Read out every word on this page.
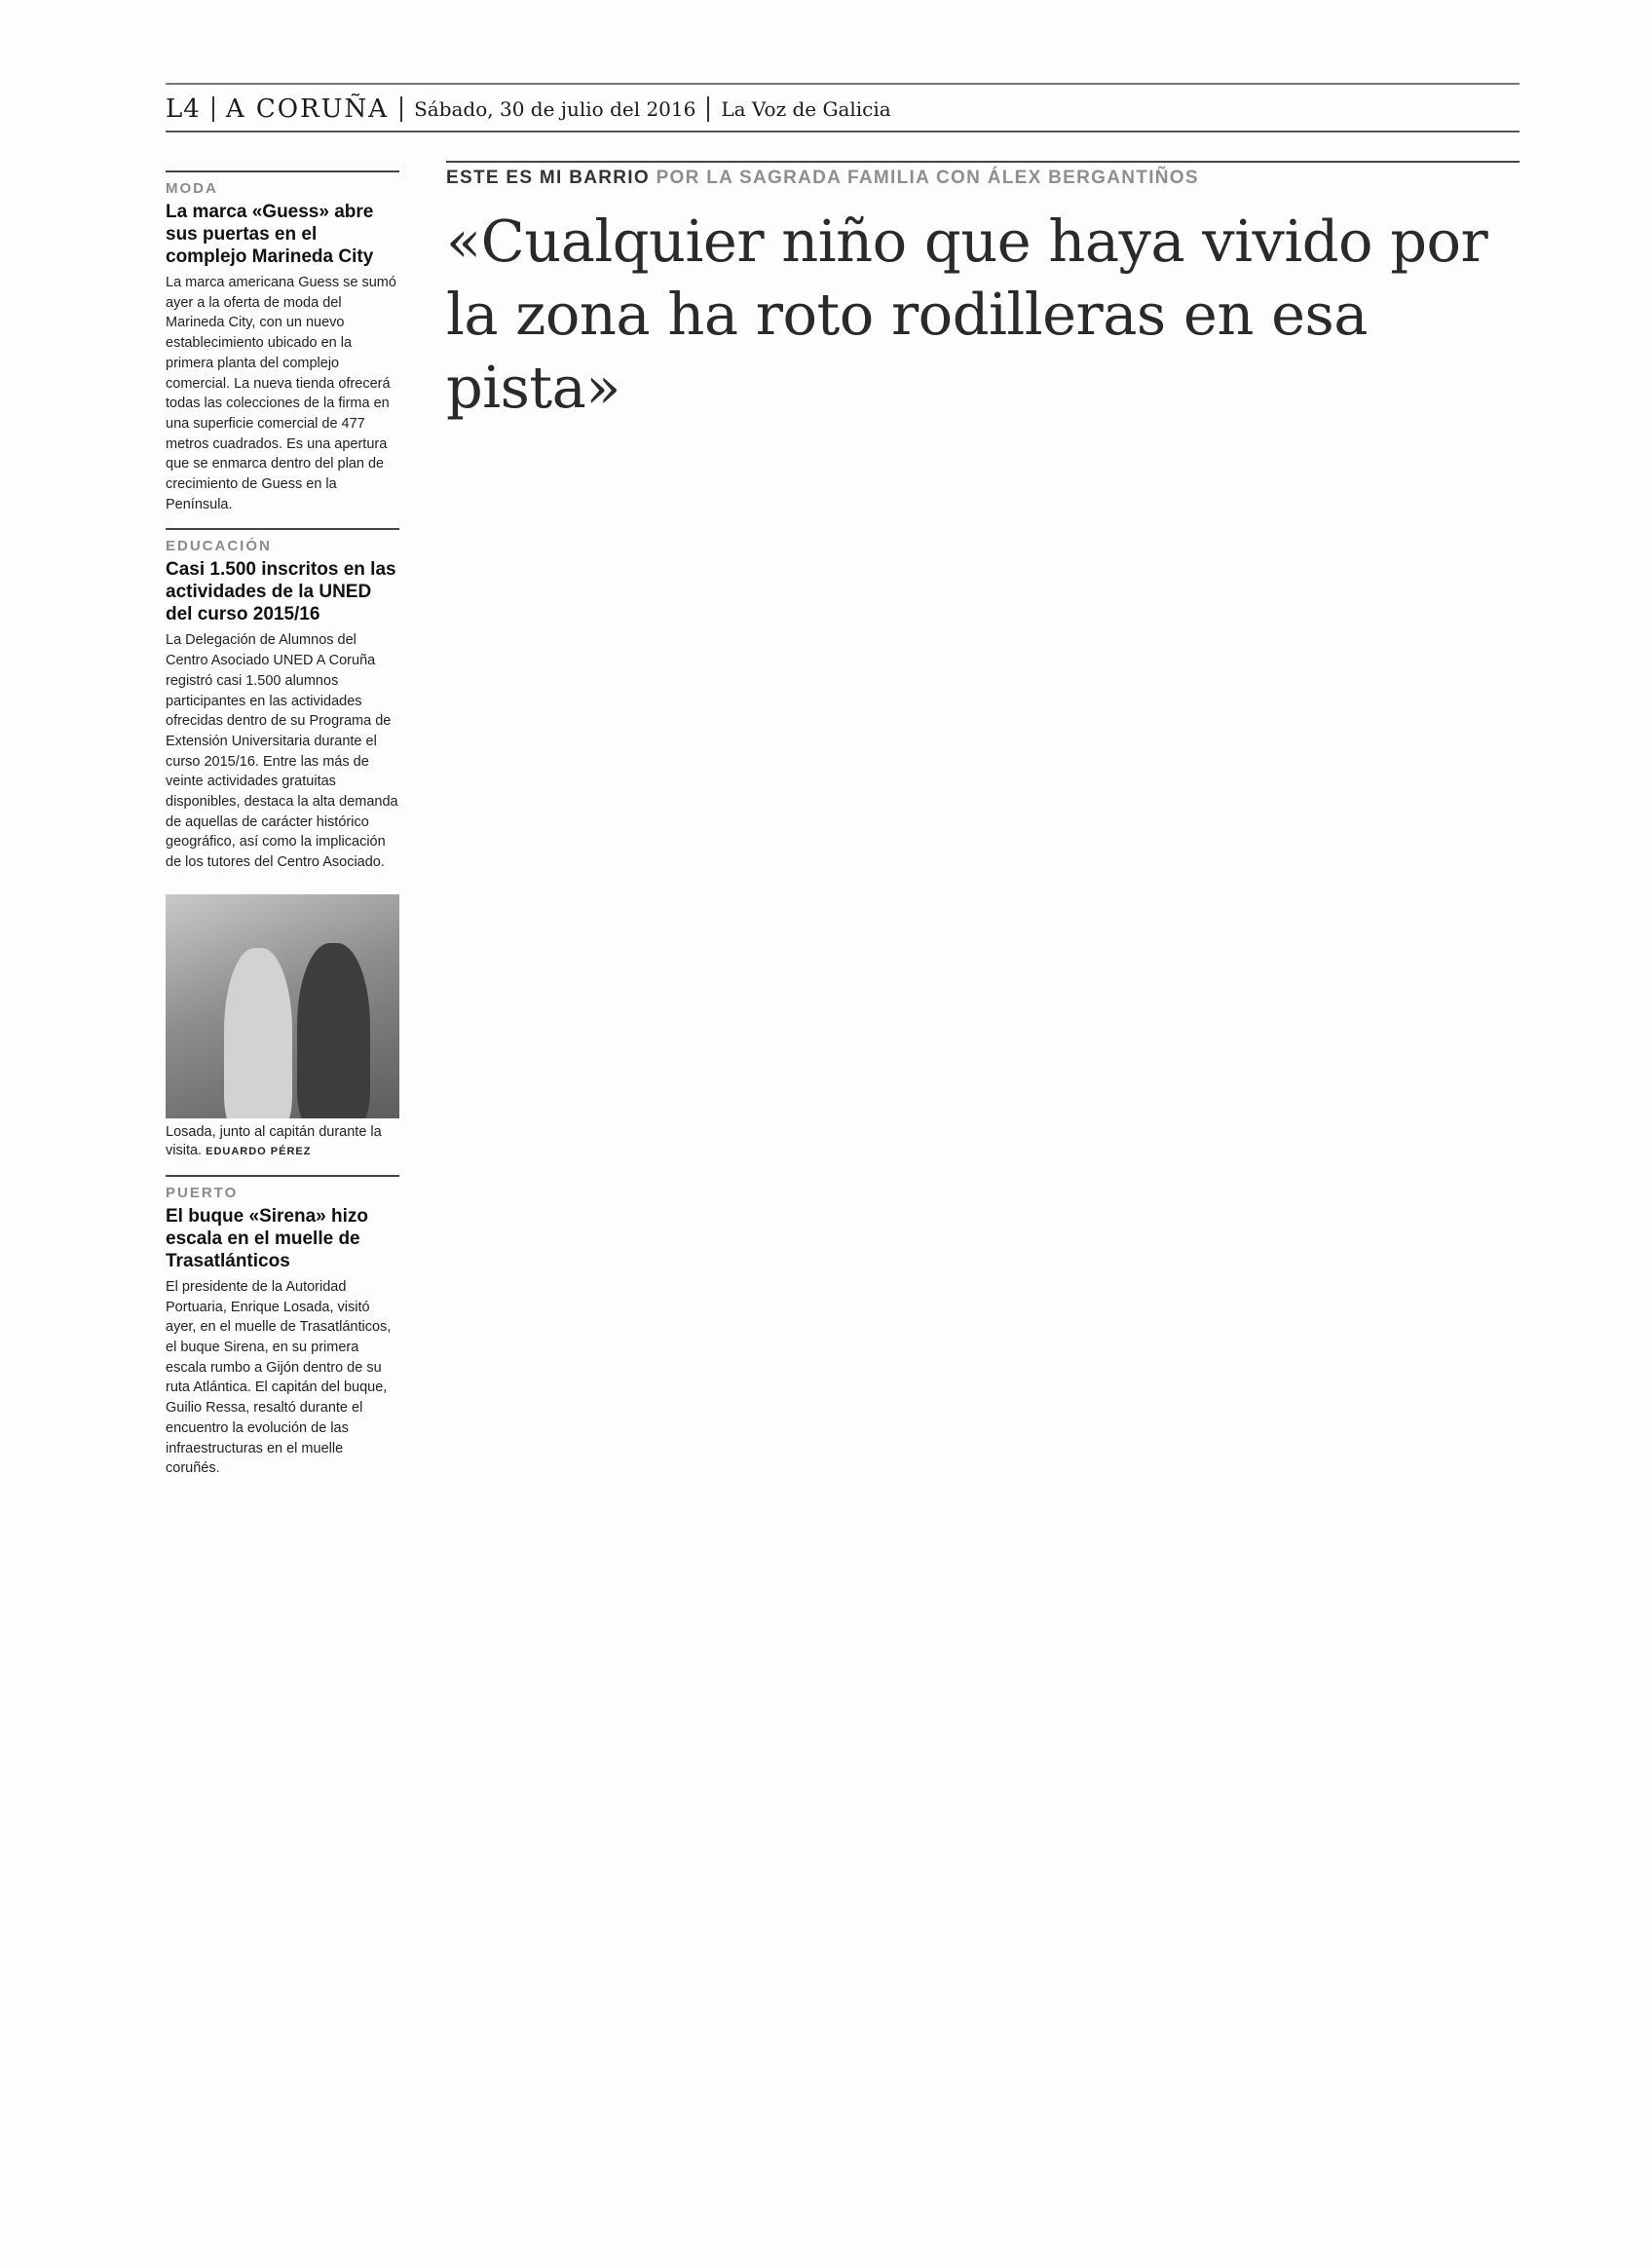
L4 A CORUÑA Sábado, 30 de julio del 2016 La Voz de Galicia
MODA
La marca «Guess» abre sus puertas en el complejo Marineda City
La marca americana Guess se sumó ayer a la oferta de moda del Marineda City, con un nuevo establecimiento ubicado en la primera planta del complejo comercial. La nueva tienda ofrecerá todas las colecciones de la firma en una superficie comercial de 477 metros cuadrados. Es una apertura que se enmarca dentro del plan de crecimiento de Guess en la Península.
EDUCACIÓN
Casi 1.500 inscritos en las actividades de la UNED del curso 2015/16
La Delegación de Alumnos del Centro Asociado UNED A Coruña registró casi 1.500 alumnos participantes en las actividades ofrecidas dentro de su Programa de Extensión Universitaria durante el curso 2015/16. Entre las más de veinte actividades gratuitas disponibles, destaca la alta demanda de aquellas de carácter histórico geográfico, así como la implicación de los tutores del Centro Asociado.
Losada, junto al capitán durante la visita. EDUARDO PÉREZ
PUERTO
El buque «Sirena» hizo escala en el muelle de Trasatlánticos
El presidente de la Autoridad Portuaria, Enrique Losada, visitó ayer, en el muelle de Trasatlánticos, el buque Sirena, en su primera escala rumbo a Gijón dentro de su ruta Atlántica. El capitán del buque, Guilio Ressa, resaltó durante el encuentro la evolución de las infraestructuras en el muelle coruñés.
ESTE ES MI BARRIO POR LA SAGRADA FAMILIA CON ÁLEX BERGANTIÑOS
«Cualquier niño que haya vivido por la zona ha roto rodilleras en esa pista»
